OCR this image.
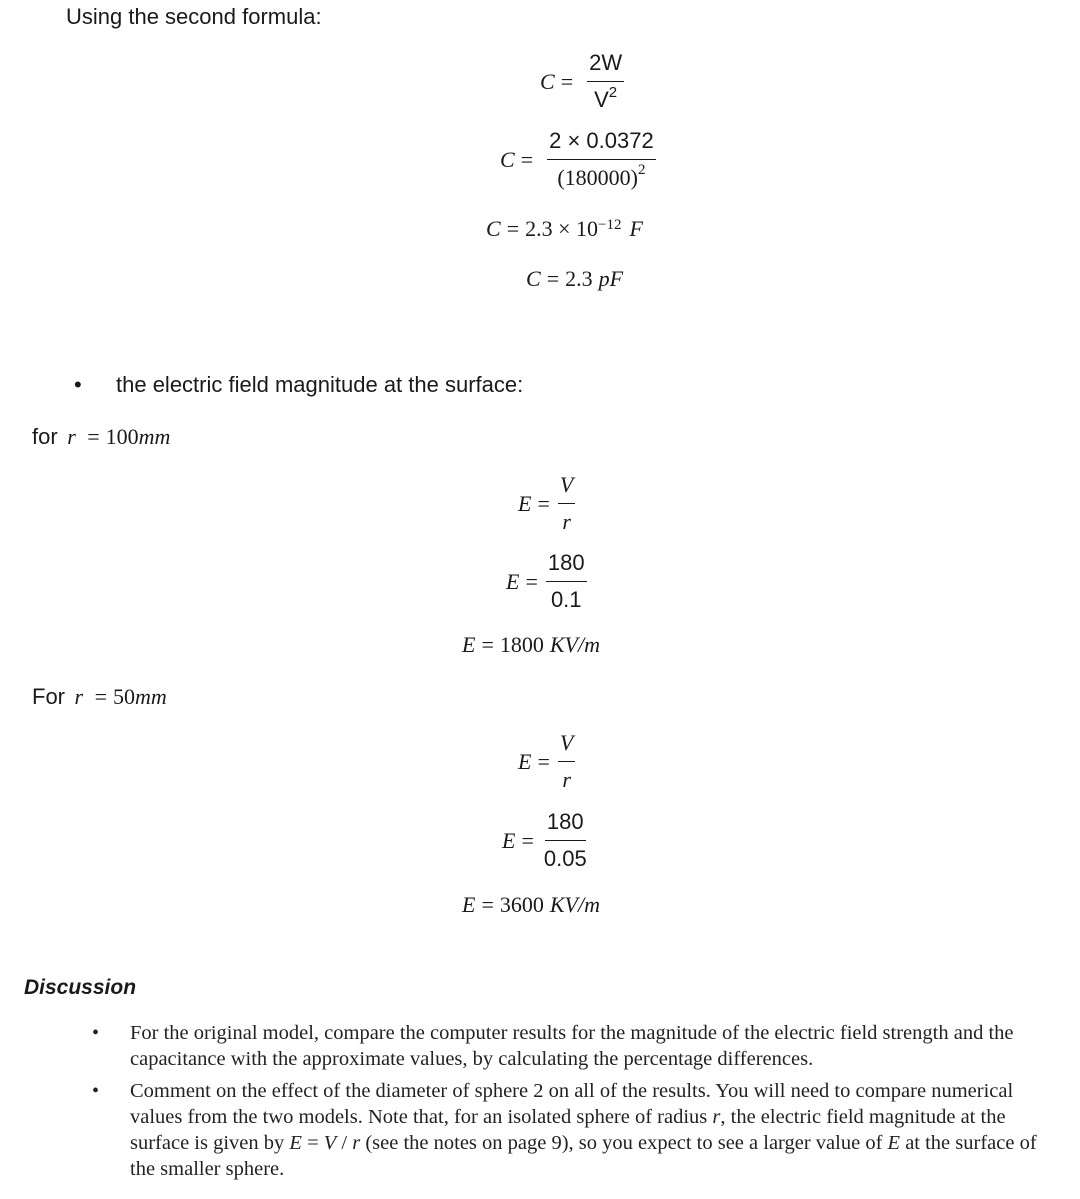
Using the second formula:
$C = \frac{2W}{V^2}$
$C = \frac{2 \times 0.0372}{(180000)^2}$
$C = 2.3 \times 10^{-12}$ F
C = 2.3 pF
• the electric field magnitude at the surface:
for r = 100mm
$E = \frac{V}{r}$
$E = \frac{180}{0.1}$
E = 1800 KV/m
For r = 50mm
$E = \frac{V}{r}$
$E = \frac{180}{0.05}$
E = 3600 KV/m
Discussion
• For the original model, compare the computer results for the magnitude of the electric field strength and the capacitance with the approximate values, by calculating the percentage differences.
• Comment on the effect of the diameter of sphere 2 on all of the results. You will need to compare numerical values from the two models. Note that, for an isolated sphere of radius r, the electric field magnitude at the surface is given by E = V / r (see the notes on page 9), so you expect to see a larger value of E at the surface of the smaller sphere.
